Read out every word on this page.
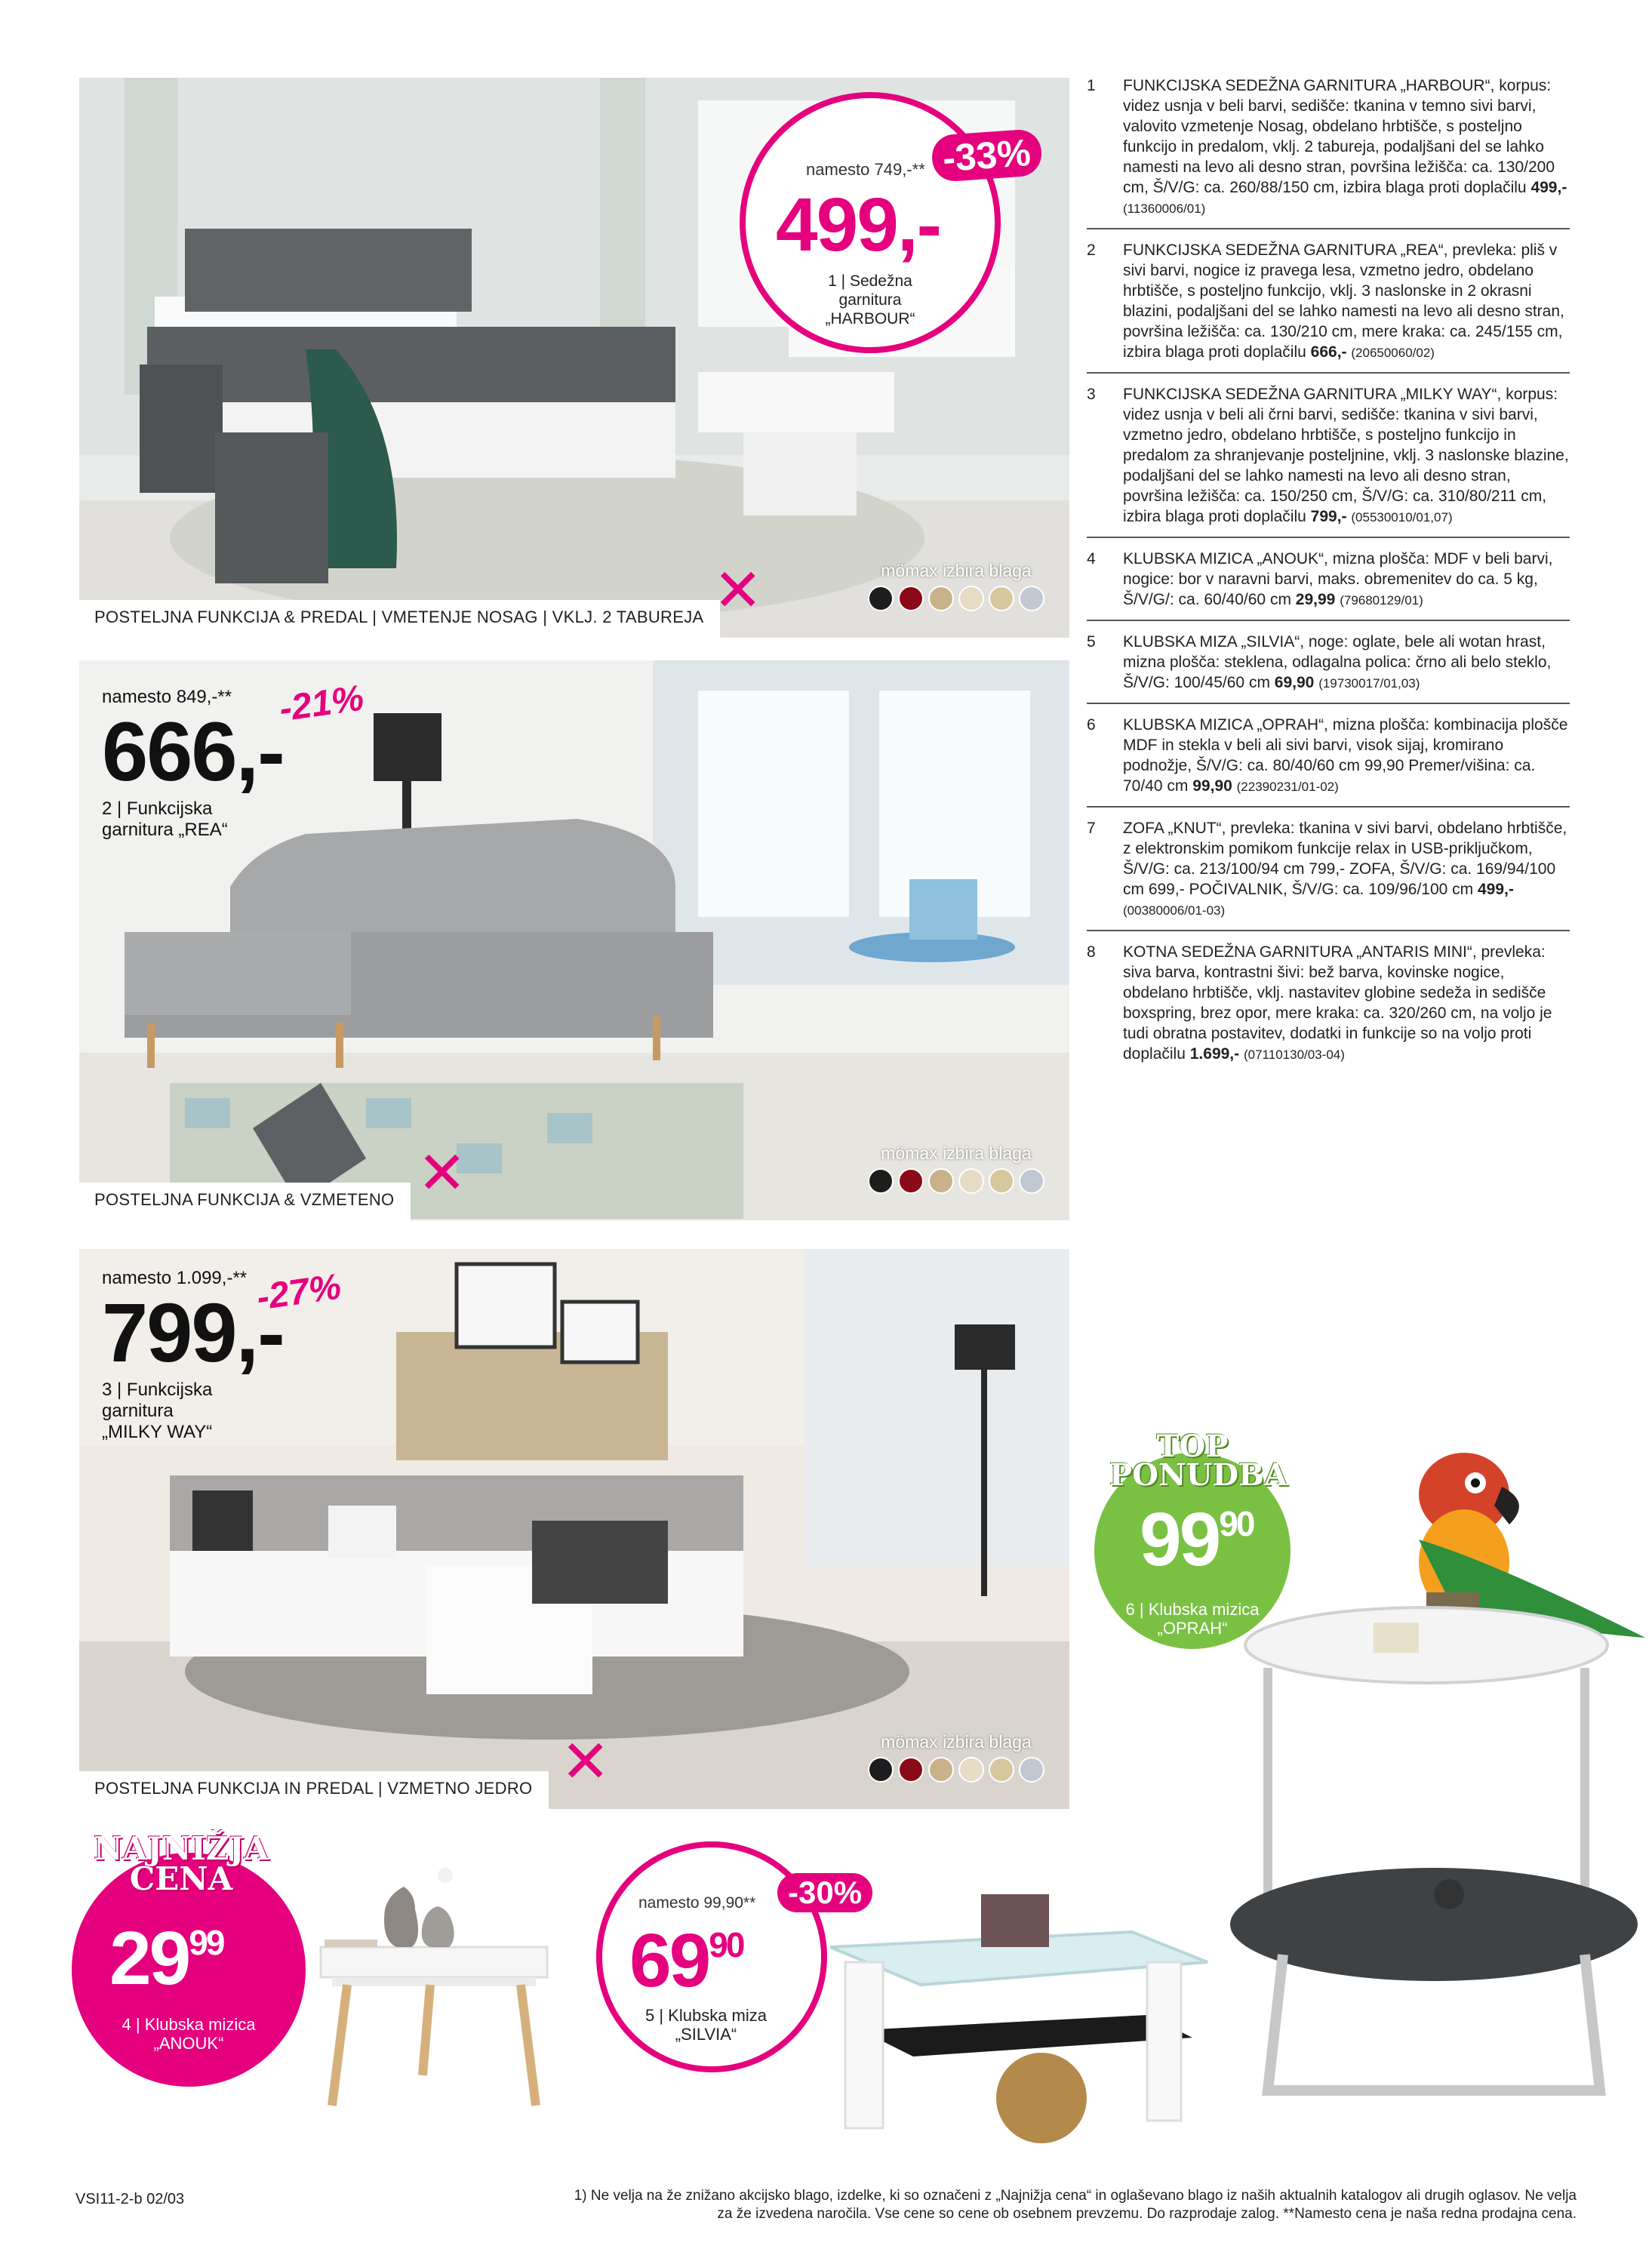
POSTELJNA FUNKCIJA & PREDAL | VMETENJE NOSAG | VKLJ. 2 TABUREJA ✕	mömax izbira blaga
namesto 749,-**
499,-
1 | Sedežna garnitura „HARBOUR“
-33%
POSTELJNA FUNKCIJA & VZMETENO ✕	mömax izbira blaga
namesto 849,-**
666,-
2 | Funkcijska
garnitura „REA“
-21%
POSTELJNA FUNKCIJA IN PREDAL | VZMETNO JEDRO ✕	mömax izbira blaga
namesto 1.099,-**
799,-
3 | Funkcijska
garnitura
„MILKY WAY“
-27%
1	FUNKCIJSKA SEDEŽNA GARNITURA „HARBOUR“, korpus: videz usnja v beli barvi, sedišče: tkanina v temno sivi barvi, valovito vzmetenje Nosag, obdelano hrbtišče, s posteljno funkcijo in predalom, vklj. 2 tabureja, podaljšani del se lahko namesti na levo ali desno stran, površina ležišča: ca. 130/200 cm, Š/V/G: ca. 260/88/150 cm, izbira blaga proti doplačilu 499,- (11360006/01)
2	FUNKCIJSKA SEDEŽNA GARNITURA „REA“, prevleka: pliš v sivi barvi, nogice iz pravega lesa, vzmetno jedro, obdelano hrbtišče, s posteljno funkcijo, vklj. 3 naslonske in 2 okrasni blazini, podaljšani del se lahko namesti na levo ali desno stran, površina ležišča: ca. 130/210 cm, mere kraka: ca. 245/155 cm, izbira blaga proti doplačilu 666,- (20650060/02)
3	FUNKCIJSKA SEDEŽNA GARNITURA „MILKY WAY“, korpus: videz usnja v beli ali črni barvi, sedišče: tkanina v sivi barvi, vzmetno jedro, obdelano hrbtišče, s posteljno funkcijo in predalom za shranjevanje posteljnine, vklj. 3 naslonske blazine, podaljšani del se lahko namesti na levo ali desno stran, površina ležišča: ca. 150/250 cm, Š/V/G: ca. 310/80/211 cm, izbira blaga proti doplačilu 799,- (05530010/01,07)
4	KLUBSKA MIZICA „ANOUK“, mizna plošča: MDF v beli barvi, nogice: bor v naravni barvi, maks. obremenitev do ca. 5 kg, Š/V/G/: ca. 60/40/60 cm 29,99 (79680129/01)
5	KLUBSKA MIZA „SILVIA“, noge: oglate, bele ali wotan hrast, mizna plošča: steklena, odlagalna polica: črno ali belo steklo, Š/V/G: 100/45/60 cm 69,90 (19730017/01,03)
6	KLUBSKA MIZICA „OPRAH“, mizna plošča: kombinacija plošče MDF in stekla v beli ali sivi barvi, visok sijaj, kromirano podnožje, Š/V/G: ca. 80/40/60 cm 99,90 Premer/višina: ca. 70/40 cm 99,90 (22390231/01-02)
7	ZOFA „KNUT“, prevleka: tkanina v sivi barvi, obdelano hrbtišče, z elektronskim pomikom funkcije relax in USB-priključkom, Š/V/G: ca. 213/100/94 cm 799,- ZOFA, Š/V/G: ca. 169/94/100 cm 699,- POČIVALNIK, Š/V/G: ca. 109/96/100 cm 499,- (00380006/01-03)
8	KOTNA SEDEŽNA GARNITURA „ANTARIS MINI“, prevleka: siva barva, kontrastni šivi: bež barva, kovinske nogice, obdelano hrbtišče, vklj. nastavitev globine sedeža in sedišče boxspring, brez opor, mere kraka: ca. 320/260 cm, na voljo je tudi obratna postavitev, dodatki in funkcije so na voljo proti doplačilu 1.699,- (07110130/03-04)
$99^{90}$
6 | Klubska mizica
„OPRAH“
TOP
PONUDBA
$29^{99}$
4 | Klubska mizica
„ANOUK“
NAJNIŽJA
CENA
namesto 99,90**
$69^{90}$
5 | Klubska miza
„SILVIA“
-30%
VSI11-2-b 02/03	1) Ne velja na že znižano akcijsko blago, izdelke, ki so označeni z „Najnižja cena“ in oglaševano blago iz naših aktualnih katalogov ali drugih oglasov. Ne velja
za že izvedena naročila. Vse cene so cene ob osebnem prevzemu. Do razprodaje zalog. **Namesto cena je naša redna prodajna cena.
